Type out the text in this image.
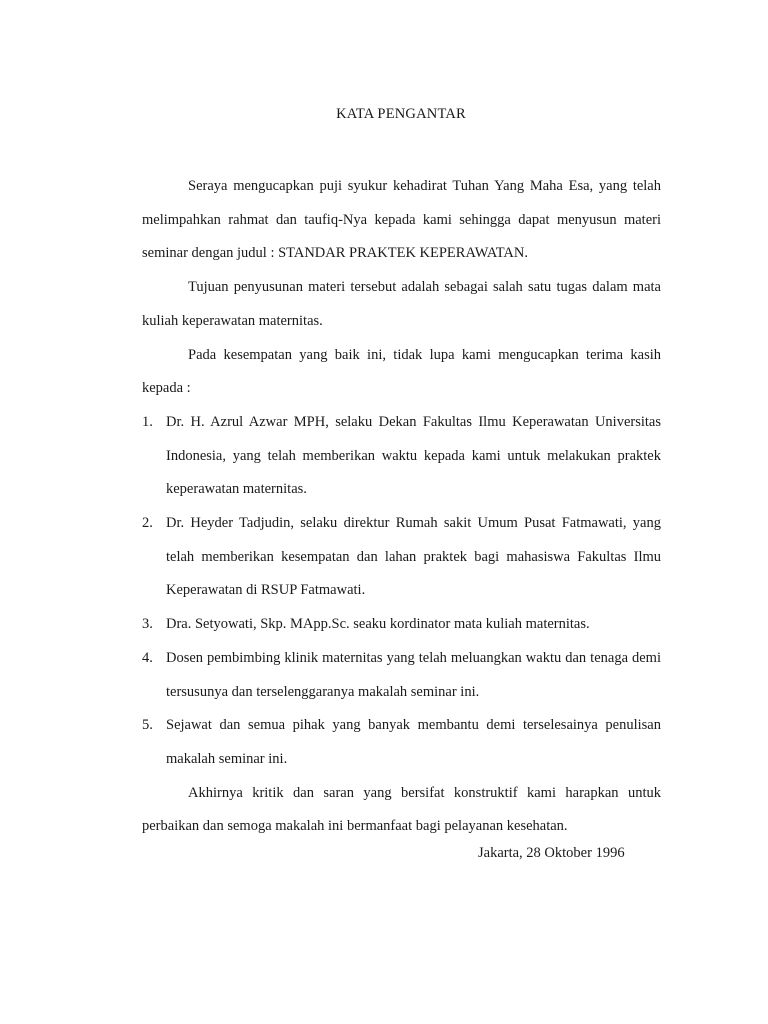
KATA PENGANTAR

Seraya mengucapkan puji syukur kehadirat Tuhan Yang Maha Esa, yang telah melimpahkan rahmat dan taufiq-Nya kepada kami sehingga dapat menyusun materi seminar dengan judul : STANDAR PRAKTEK KEPERAWATAN.

Tujuan penyusunan materi tersebut adalah sebagai salah satu tugas dalam mata kuliah keperawatan maternitas.

Pada kesempatan yang baik ini, tidak lupa kami mengucapkan terima kasih kepada :

1. Dr. H. Azrul Azwar MPH, selaku Dekan Fakultas Ilmu Keperawatan Universitas Indonesia, yang telah memberikan waktu kepada kami untuk melakukan praktek keperawatan maternitas.
2. Dr. Heyder Tadjudin, selaku direktur Rumah sakit Umum Pusat Fatmawati, yang telah memberikan kesempatan dan lahan praktek bagi mahasiswa Fakultas Ilmu Keperawatan di RSUP Fatmawati.
3. Dra. Setyowati, Skp. MApp.Sc. seaku kordinator mata kuliah maternitas.
4. Dosen pembimbing klinik maternitas yang telah meluangkan waktu dan tenaga demi tersusunya dan terselenggaranya makalah seminar ini.
5. Sejawat dan semua pihak yang banyak membantu demi terselesainya penulisan makalah seminar ini.

Akhirnya kritik dan saran yang bersifat konstruktif kami harapkan untuk perbaikan dan semoga makalah ini bermanfaat bagi pelayanan kesehatan.

Jakarta, 28 Oktober 1996
